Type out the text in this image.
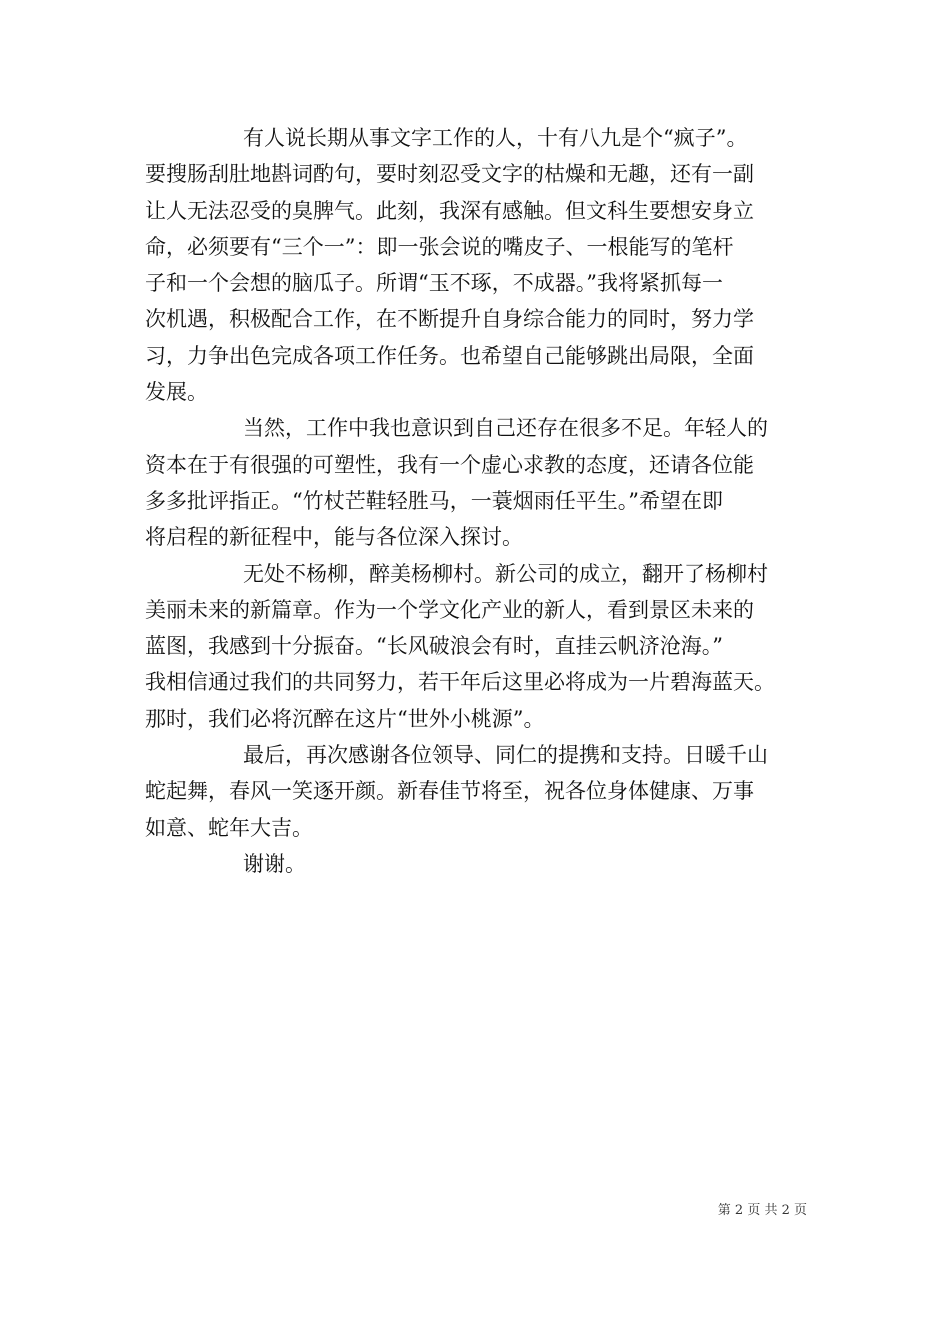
有人说长期从事文字工作的人，十有八九是个“疯子”。
要搜肠刮肚地斟词酌句，要时刻忍受文字的枯燥和无趣，还有一副
让人无法忍受的臭脾气。此刻，我深有感触。但文科生要想安身立
命，必须要有“三个一”：即一张会说的嘴皮子、一根能写的笔杆
子和一个会想的脑瓜子。所谓“玉不琢，不成器。”我将紧抓每一
次机遇，积极配合工作，在不断提升自身综合能力的同时，努力学
习，力争出色完成各项工作任务。也希望自己能够跳出局限，全面
发展。
当然，工作中我也意识到自己还存在很多不足。年轻人的
资本在于有很强的可塑性，我有一个虚心求教的态度，还请各位能
多多批评指正。“竹杖芒鞋轻胜马，一蓑烟雨任平生。”希望在即
将启程的新征程中，能与各位深入探讨。
无处不杨柳，醉美杨柳村。新公司的成立，翻开了杨柳村
美丽未来的新篇章。作为一个学文化产业的新人，看到景区未来的
蓝图，我感到十分振奋。“长风破浪会有时，直挂云帆济沧海。”
我相信通过我们的共同努力，若干年后这里必将成为一片碧海蓝天。
那时，我们必将沉醉在这片“世外小桃源”。
最后，再次感谢各位领导、同仁的提携和支持。日暖千山
蛇起舞，春风一笑逐开颜。新春佳节将至，祝各位身体健康、万事
如意、蛇年大吉。
谢谢。
第 2 页 共 2 页
